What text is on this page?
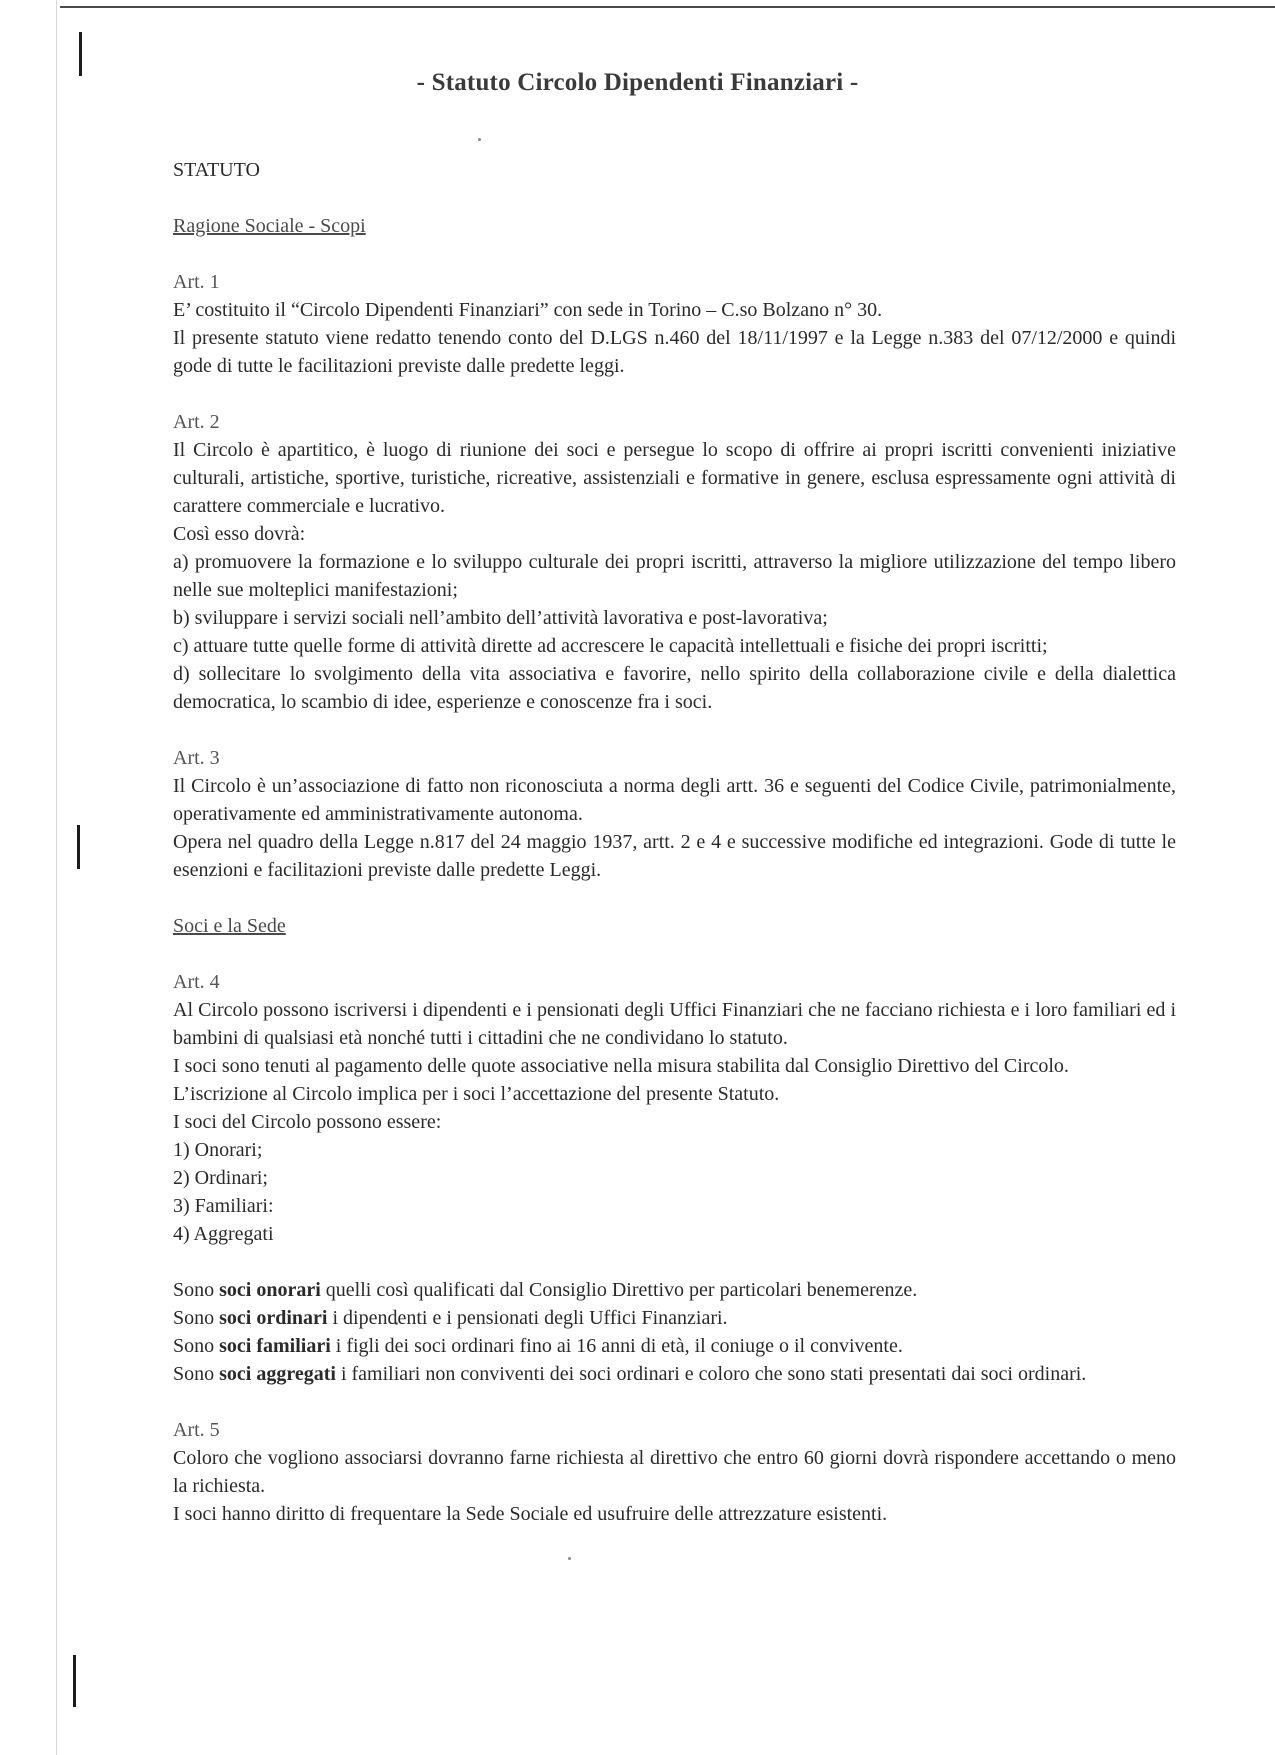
- Statuto Circolo Dipendenti Finanziari -

STATUTO

Ragione Sociale - Scopi

Art. 1

E’ costituito il “Circolo Dipendenti Finanziari” con sede in Torino – C.so Bolzano n° 30.

Il presente statuto viene redatto tenendo conto del D.LGS n.460 del 18/11/1997 e la Legge n.383 del 07/12/2000 e quindi gode di tutte le facilitazioni previste dalle predette leggi.

Art. 2

Il Circolo è apartitico, è luogo di riunione dei soci e persegue lo scopo di offrire ai propri iscritti convenienti iniziative culturali, artistiche, sportive, turistiche, ricreative, assistenziali e formative in genere, esclusa espressamente ogni attività di carattere commerciale e lucrativo.

Così esso dovrà:

a) promuovere la formazione e lo sviluppo culturale dei propri iscritti, attraverso la migliore utilizzazione del tempo libero nelle sue molteplici manifestazioni;

b) sviluppare i servizi sociali nell’ambito dell’attività lavorativa e post-lavorativa;

c) attuare tutte quelle forme di attività dirette ad accrescere le capacità intellettuali e fisiche dei propri iscritti;

d) sollecitare lo svolgimento della vita associativa e favorire, nello spirito della collaborazione civile e della dialettica democratica, lo scambio di idee, esperienze e conoscenze fra i soci.

Art. 3

Il Circolo è un’associazione di fatto non riconosciuta a norma degli artt. 36 e seguenti del Codice Civile, patrimonialmente, operativamente ed amministrativamente autonoma.

Opera nel quadro della Legge n.817 del 24 maggio 1937, artt. 2 e 4 e successive modifiche ed integrazioni. Gode di tutte le esenzioni e facilitazioni previste dalle predette Leggi.

Soci e la Sede

Art. 4

Al Circolo possono iscriversi i dipendenti e i pensionati degli Uffici Finanziari che ne facciano richiesta e i loro familiari ed i bambini di qualsiasi età nonché tutti i cittadini che ne condividano lo statuto.

I soci sono tenuti al pagamento delle quote associative nella misura stabilita dal Consiglio Direttivo del Circolo.

L’iscrizione al Circolo implica per i soci l’accettazione del presente Statuto.

I soci del Circolo possono essere:

1) Onorari;

2) Ordinari;

3) Familiari:

4) Aggregati

Sono soci onorari quelli così qualificati dal Consiglio Direttivo per particolari benemerenze.

Sono soci ordinari i dipendenti e i pensionati degli Uffici Finanziari.

Sono soci familiari i figli dei soci ordinari fino ai 16 anni di età, il coniuge o il convivente.

Sono soci aggregati i familiari non conviventi dei soci ordinari e coloro che sono stati presentati dai soci ordinari.

Art. 5

Coloro che vogliono associarsi dovranno farne richiesta al direttivo che entro 60 giorni dovrà rispondere accettando o meno la richiesta.

I soci hanno diritto di frequentare la Sede Sociale ed usufruire delle attrezzature esistenti.
